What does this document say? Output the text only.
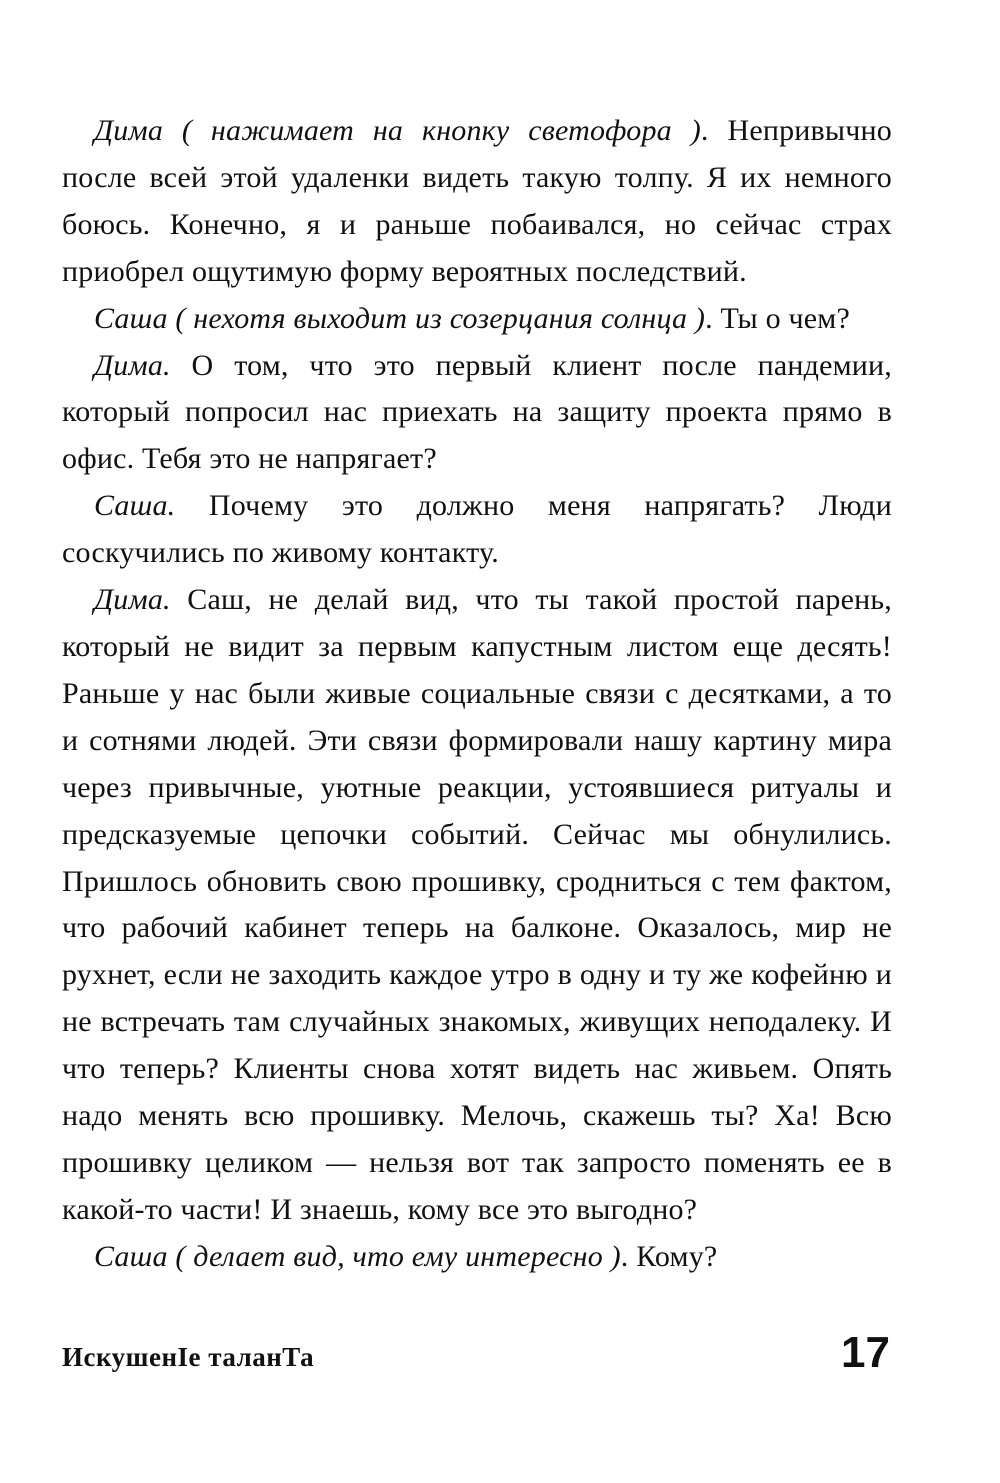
Дима ( нажимает на кнопку светофора ). Непривычно после всей этой удаленки видеть такую толпу. Я их немного боюсь. Конечно, я и раньше побаивался, но сейчас страх приобрел ощутимую форму вероятных последствий.

Саша ( нехотя выходит из созерцания солнца ). Ты о чем?

Дима. О том, что это первый клиент после пандемии, который попросил нас приехать на защиту проекта прямо в офис. Тебя это не напрягает?

Саша. Почему это должно меня напрягать? Люди соскучились по живому контакту.

Дима. Саш, не делай вид, что ты такой простой парень, который не видит за первым капустным листом еще десять! Раньше у нас были живые социальные связи с десятками, а то и сотнями людей. Эти связи формировали нашу картину мира через привычные, уютные реакции, устоявшиеся ритуалы и предсказуемые цепочки событий. Сейчас мы обнулились. Пришлось обновить свою прошивку, сродниться с тем фактом, что рабочий кабинет теперь на балконе. Оказалось, мир не рухнет, если не заходить каждое утро в одну и ту же кофейню и не встречать там случайных знакомых, живущих неподалеку. И что теперь? Клиенты снова хотят видеть нас живьем. Опять надо менять всю прошивку. Мелочь, скажешь ты? Ха! Всю прошивку целиком — нельзя вот так запросто поменять ее в какой-то части! И знаешь, кому все это выгодно?

Саша ( делает вид, что ему интересно ). Кому?

ИскушенIе таланТа	17
